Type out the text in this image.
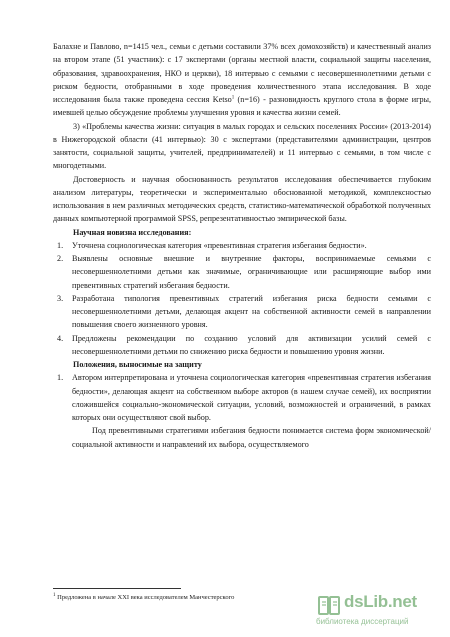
Балахне и Павлово, n=1415 чел., семьи с детьми составили 37% всех домохозяйств) и качественный анализ на втором этапе (51 участник): с 17 экспертами (органы местной власти, социальной защиты населения, образования, здравоохранения, НКО и церкви), 18 интервью с семьями с несовершеннолетними детьми с риском бедности, отобранными в ходе проведения количественного этапа исследования. В ходе исследования была также проведена сессия Ketso$^1$ (n=16) - разновидность круглого стола в форме игры, имевшей целью обсуждение проблемы улучшения уровня и качества жизни семей.

3) «Проблемы качества жизни: ситуация в малых городах и сельских поселениях России» (2013-2014) в Нижегородской области (41 интервью): 30 с экспертами (представителями администрации, центров занятости, социальной защиты, учителей, предпринимателей) и 11 интервью с семьями, в том числе с многодетными.

Достоверность и научная обоснованность результатов исследования обеспечивается глубоким анализом литературы, теоретически и экспериментально обоснованной методикой, комплексностью использования в нем различных методических средств, статистико-математической обработкой полученных данных компьютерной программой SPSS, репрезентативностью эмпирической базы.

Научная новизна исследования:

1. Уточнена социологическая категория «превентивная стратегия избегания бедности».
2. Выявлены основные внешние и внутренние факторы, воспринимаемые семьями с несовершеннолетними детьми как значимые, ограничивающие или расширяющие выбор ими превентивных стратегий избегания бедности.
3. Разработана типология превентивных стратегий избегания риска бедности семьями с несовершеннолетними детьми, делающая акцент на собственной активности семей в направлении повышения своего жизненного уровня.
4. Предложены рекомендации по созданию условий для активизации усилий семей с несовершеннолетними детьми по снижению риска бедности и повышению уровня жизни.

Положения, выносимые на защиту

1. Автором интерпретирована и уточнена социологическая категория «превентивная стратегия избегания бедности», делающая акцент на собственном выборе акторов (в нашем случае семей), их восприятии сложившейся социально-экономической ситуации, условий, возможностей и ограничений, в рамках которых они осуществляют свой выбор.

Под превентивными стратегиями избегания бедности понимается система форм экономической/социальной активности и направлений их выбора, осуществляемого

$^1$ Предложена в начале XXI века исследователем Манчестерского	dsLib.net
библиотека диссертаций
